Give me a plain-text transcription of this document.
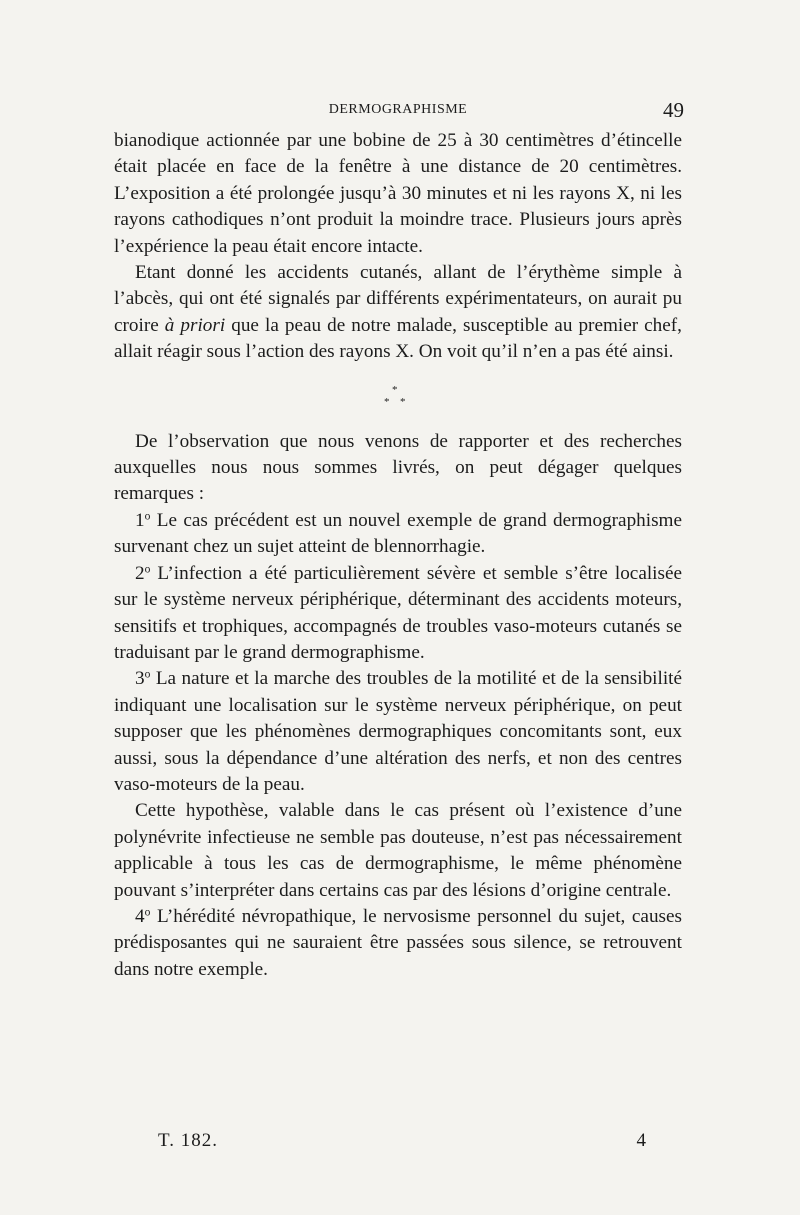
DERMOGRAPHISME	49

bianodique actionnée par une bobine de 25 à 30 centimètres d’étincelle était placée en face de la fenêtre à une distance de 20 centimètres. L’exposition a été prolongée jusqu’à 30 minutes et ni les rayons X, ni les rayons cathodiques n’ont produit la moindre trace. Plusieurs jours après l’expérience la peau était encore intacte.

Etant donné les accidents cutanés, allant de l’érythème simple à l’abcès, qui ont été signalés par différents expérimentateurs, on aurait pu croire à priori que la peau de notre malade, susceptible au premier chef, allait réagir sous l’action des rayons X. On voit qu’il n’en a pas été ainsi.

*
* *

De l’observation que nous venons de rapporter et des recherches auxquelles nous nous sommes livrés, on peut dégager quelques remarques :

1$^o$ Le cas précédent est un nouvel exemple de grand dermographisme survenant chez un sujet atteint de blennorrhagie.

2$^o$ L’infection a été particulièrement sévère et semble s’être localisée sur le système nerveux périphérique, déterminant des accidents moteurs, sensitifs et trophiques, accompagnés de troubles vaso-moteurs cutanés se traduisant par le grand dermographisme.

3$^o$ La nature et la marche des troubles de la motilité et de la sensibilité indiquant une localisation sur le système nerveux périphérique, on peut supposer que les phénomènes dermographiques concomitants sont, eux aussi, sous la dépendance d’une altération des nerfs, et non des centres vaso-moteurs de la peau.

Cette hypothèse, valable dans le cas présent où l’existence d’une polynévrite infectieuse ne semble pas douteuse, n’est pas nécessairement applicable à tous les cas de dermographisme, le même phénomène pouvant s’interpréter dans certains cas par des lésions d’origine centrale.

4$^o$ L’hérédité névropathique, le nervosisme personnel du sujet, causes prédisposantes qui ne sauraient être passées sous silence, se retrouvent dans notre exemple.

T. 182.	4
